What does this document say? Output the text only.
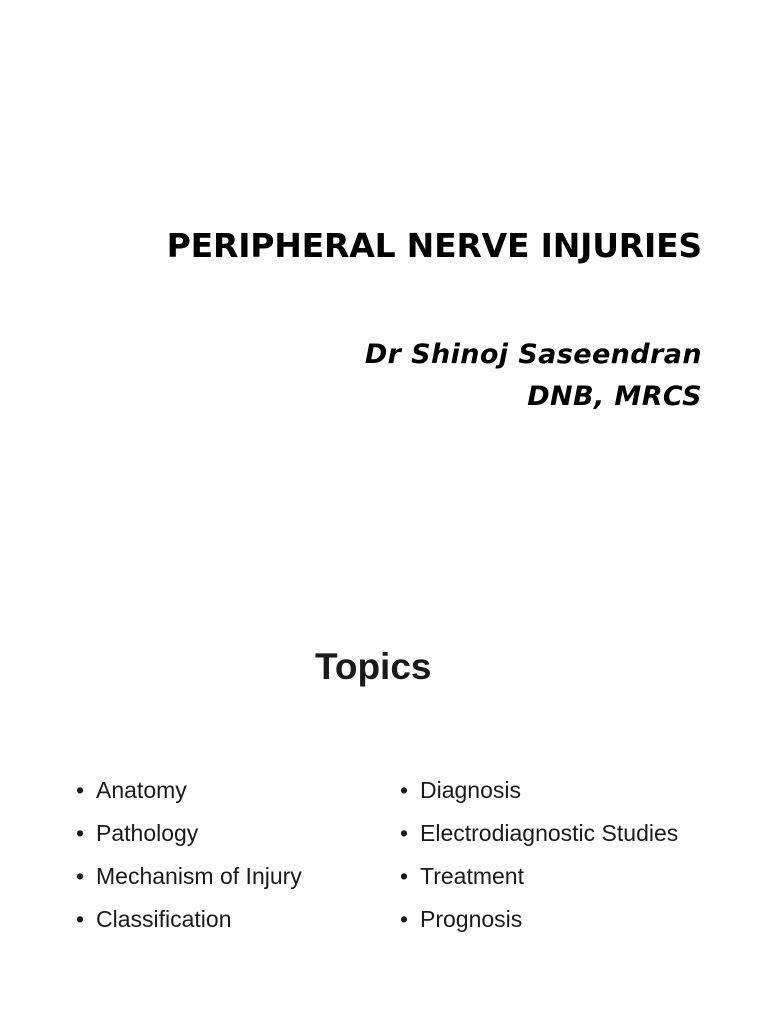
PERIPHERAL NERVE INJURIES
Dr Shinoj Saseendran
DNB, MRCS
Topics
• Anatomy
• Pathology
• Mechanism of Injury
• Classification
• Diagnosis
• Electrodiagnostic Studies
• Treatment
• Prognosis
